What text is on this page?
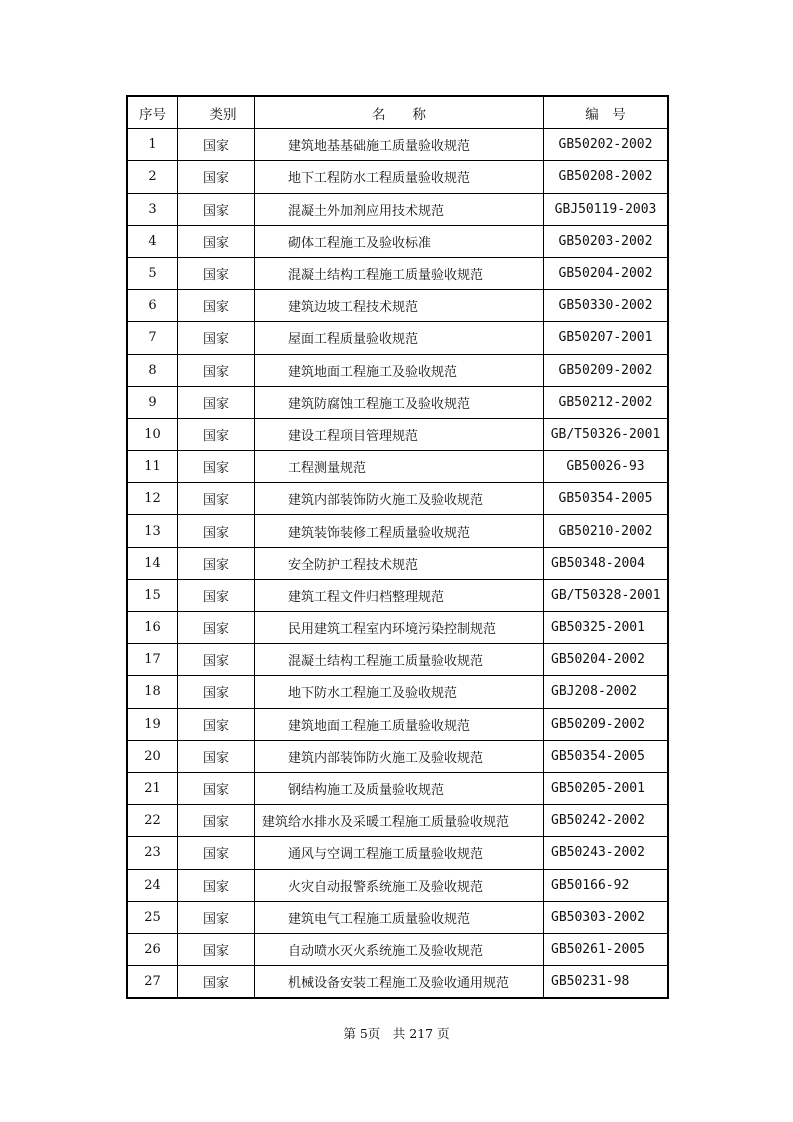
序号	类别	名　　称	编　号
1	国家	建筑地基基础施工质量验收规范	GB50202-2002
2	国家	地下工程防水工程质量验收规范	GB50208-2002
3	国家	混凝土外加剂应用技术规范	GBJ50119-2003
4	国家	砌体工程施工及验收标准	GB50203-2002
5	国家	混凝土结构工程施工质量验收规范	GB50204-2002
6	国家	建筑边坡工程技术规范	GB50330-2002
7	国家	屋面工程质量验收规范	GB50207-2001
8	国家	建筑地面工程施工及验收规范	GB50209-2002
9	国家	建筑防腐蚀工程施工及验收规范	GB50212-2002
10	国家	建设工程项目管理规范	GB/T50326-2001
11	国家	工程测量规范	GB50026-93
12	国家	建筑内部装饰防火施工及验收规范	GB50354-2005
13	国家	建筑装饰装修工程质量验收规范	GB50210-2002
14	国家	安全防护工程技术规范	GB50348-2004
15	国家	建筑工程文件归档整理规范	GB/T50328-2001
16	国家	民用建筑工程室内环境污染控制规范	GB50325-2001
17	国家	混凝土结构工程施工质量验收规范	GB50204-2002
18	国家	地下防水工程施工及验收规范	GBJ208-2002
19	国家	建筑地面工程施工质量验收规范	GB50209-2002
20	国家	建筑内部装饰防火施工及验收规范	GB50354-2005
21	国家	钢结构施工及质量验收规范	GB50205-2001
22	国家	建筑给水排水及采暖工程施工质量验收规范	GB50242-2002
23	国家	通风与空调工程施工质量验收规范	GB50243-2002
24	国家	火灾自动报警系统施工及验收规范	GB50166-92
25	国家	建筑电气工程施工质量验收规范	GB50303-2002
26	国家	自动喷水灭火系统施工及验收规范	GB50261-2005
27	国家	机械设备安装工程施工及验收通用规范	GB50231-98
第 5页　共 217 页
